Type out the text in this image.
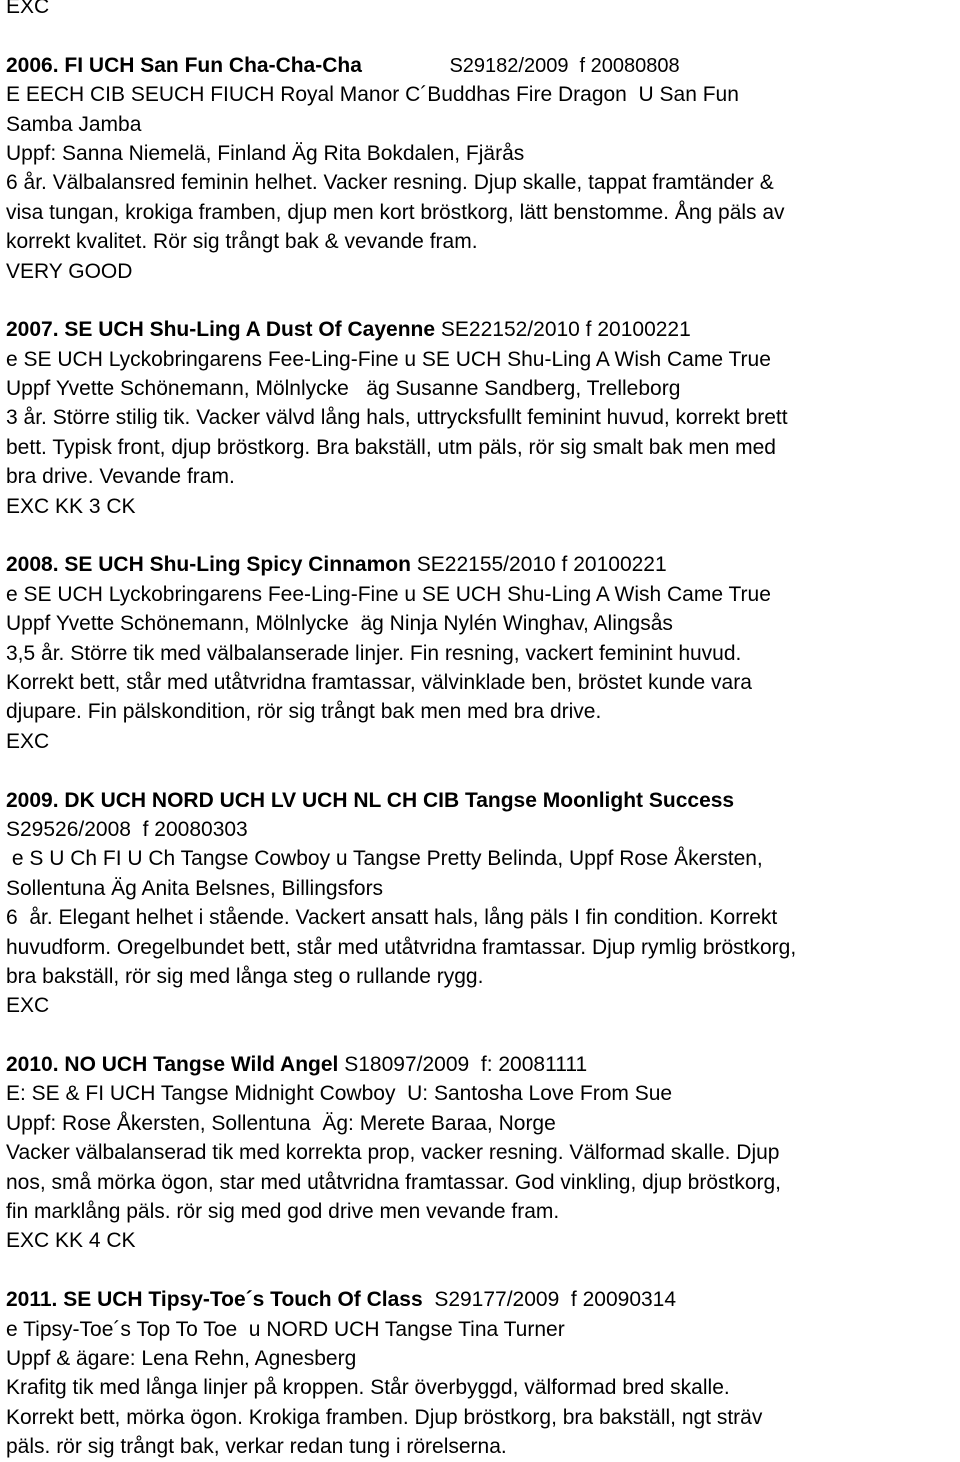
EXC
2006. FI UCH San Fun Cha-Cha-Cha	S29182/2009  f 20080808
E EECH CIB SEUCH FIUCH Royal Manor C´Buddhas Fire Dragon  U San Fun
Samba Jamba
Uppf: Sanna Niemelä, Finland Äg Rita Bokdalen, Fjärås
6 år. Välbalansred feminin helhet. Vacker resning. Djup skalle, tappat framtänder &
visa tungan, krokiga framben, djup men kort bröstkorg, lätt benstomme. Ång päls av
korrekt kvalitet. Rör sig trångt bak & vevande fram.
VERY GOOD
2007. SE UCH Shu-Ling A Dust Of Cayenne SE22152/2010 f 20100221
e SE UCH Lyckobringarens Fee-Ling-Fine u SE UCH Shu-Ling A Wish Came True
Uppf Yvette Schönemann, Mölnlycke   äg Susanne Sandberg, Trelleborg
3 år. Större stilig tik. Vacker välvd lång hals, uttrycksfullt feminint huvud, korrekt brett
bett. Typisk front, djup bröstkorg. Bra bakställ, utm päls, rör sig smalt bak men med
bra drive. Vevande fram.
EXC KK 3 CK
2008. SE UCH Shu-Ling Spicy Cinnamon SE22155/2010 f 20100221
e SE UCH Lyckobringarens Fee-Ling-Fine u SE UCH Shu-Ling A Wish Came True
Uppf Yvette Schönemann, Mölnlycke  äg Ninja Nylén Winghav, Alingsås
3,5 år. Större tik med välbalanserade linjer. Fin resning, vackert feminint huvud.
Korrekt bett, står med utåtvridna framtassar, välvinklade ben, bröstet kunde vara
djupare. Fin pälskondition, rör sig trångt bak men med bra drive.
EXC
2009. DK UCH NORD UCH LV UCH NL CH CIB Tangse Moonlight Success
S29526/2008  f 20080303
e S U Ch FI U Ch Tangse Cowboy u Tangse Pretty Belinda, Uppf Rose Åkersten,
Sollentuna Äg Anita Belsnes, Billingsfors
6  år. Elegant helhet i stående. Vackert ansatt hals, lång päls I fin condition. Korrekt
huvudform. Oregelbundet bett, står med utåtvridna framtassar. Djup rymlig bröstkorg,
bra bakställ, rör sig med långa steg o rullande rygg.
EXC
2010. NO UCH Tangse Wild Angel S18097/2009  f: 20081111
E: SE & FI UCH Tangse Midnight Cowboy  U: Santosha Love From Sue
Uppf: Rose Åkersten, Sollentuna  Äg: Merete Baraa, Norge
Vacker välbalanserad tik med korrekta prop, vacker resning. Välformad skalle. Djup
nos, små mörka ögon, star med utåtvridna framtassar. God vinkling, djup bröstkorg,
fin marklång päls. rör sig med god drive men vevande fram.
EXC KK 4 CK
2011. SE UCH Tipsy-Toe´s Touch Of Class S29177/2009  f 20090314
e Tipsy-Toe´s Top To Toe  u NORD UCH Tangse Tina Turner
Uppf & ägare: Lena Rehn, Agnesberg
Krafitg tik med långa linjer på kroppen. Står överbyggd, välformad bred skalle.
Korrekt bett, mörka ögon. Krokiga framben. Djup bröstkorg, bra bakställ, ngt sträv
päls. rör sig trångt bak, verkar redan tung i rörelserna.
